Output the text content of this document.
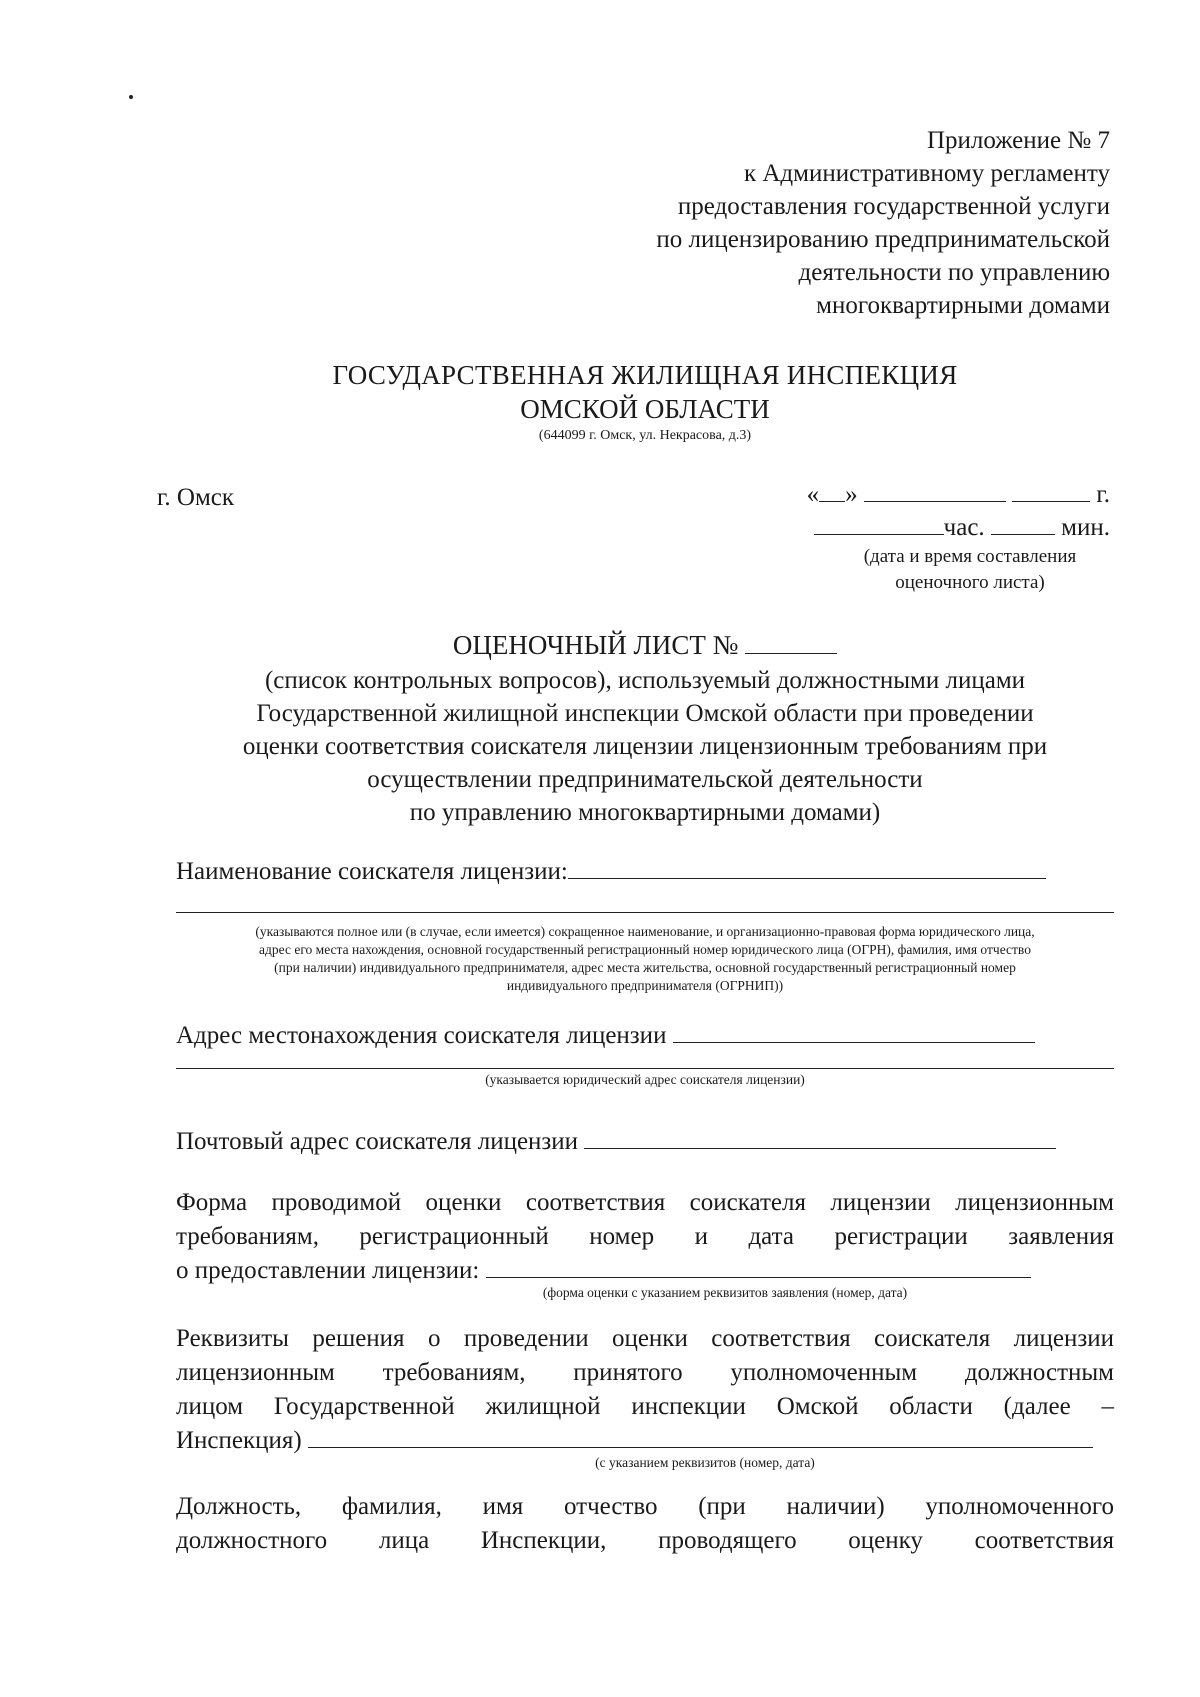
Приложение № 7
к Административному регламенту
предоставления государственной услуги
по лицензированию предпринимательской
деятельности по управлению
многоквартирными домами
ГОСУДАРСТВЕННАЯ ЖИЛИЩНАЯ ИНСПЕКЦИЯ
ОМСКОЙ ОБЛАСТИ
(644099 г. Омск, ул. Некрасова, д.3)
г. Омск	« »	г.
час.	мин.
(дата и время составления
оценочного листа)
ОЦЕНОЧНЫЙ ЛИСТ №
(список контрольных вопросов), используемый должностными лицами
Государственной жилищной инспекции Омской области при проведении
оценки соответствия соискателя лицензии лицензионным требованиям при
осуществлении предпринимательской деятельности
по управлению многоквартирными домами)
Наименование соискателя лицензии:
(указываются полное или (в случае, если имеется) сокращенное наименование, и организационно-правовая форма юридического лица,
адрес его места нахождения, основной государственный регистрационный номер юридического лица (ОГРН), фамилия, имя отчество
(при наличии) индивидуального предпринимателя, адрес места жительства, основной государственный регистрационный номер
индивидуального предпринимателя (ОГРНИП))
Адрес местонахождения соискателя лицензии
(указывается юридический адрес соискателя лицензии)
Почтовый адрес соискателя лицензии
Форма проводимой оценки соответствия соискателя лицензии лицензионным
требованиям, регистрационный номер и дата регистрации заявления
о предоставлении лицензии:
(форма оценки с указанием реквизитов заявления (номер, дата)
Реквизиты решения о проведении оценки соответствия соискателя лицензии
лицензионным требованиям, принятого уполномоченным должностным
лицом Государственной жилищной инспекции Омской области (далее –
Инспекция)
(с указанием реквизитов (номер, дата)
Должность, фамилия, имя отчество (при наличии) уполномоченного
должностного лица Инспекции, проводящего оценку соответствия
